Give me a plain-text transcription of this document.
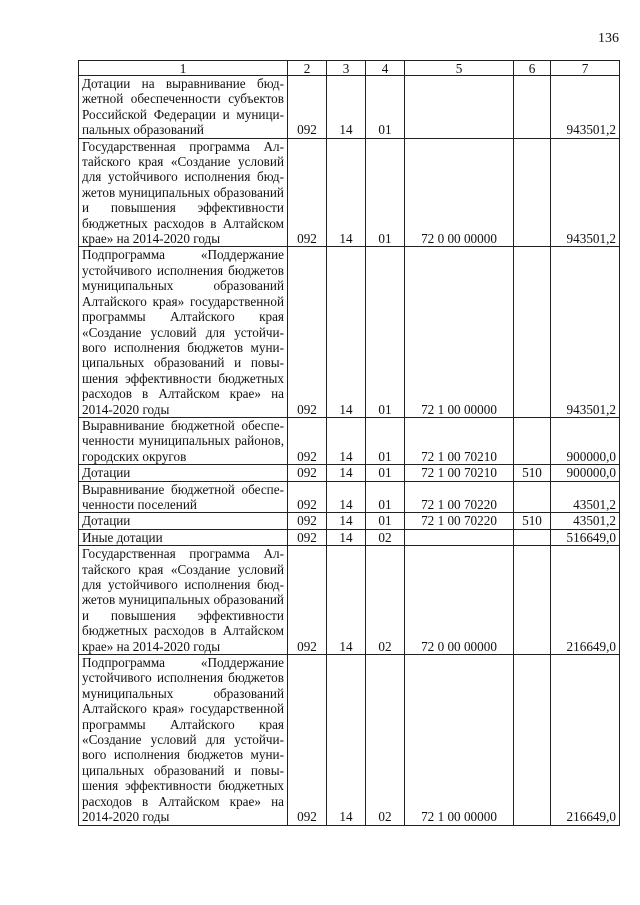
136
1	2	3	4	5	6	7
Дотации на выравнивание бюджетной обеспеченности субъектов Российской Федерации и муниципальных образований	092	14	01			943501,2
Государственная программа Алтайского края «Создание условий для устойчивого исполнения бюджетов муниципальных образований и повышения эффективности бюджетных расходов в Алтайском крае» на 2014-2020 годы	092	14	01	72 0 00 00000		943501,2
Подпрограмма «Поддержание устойчивого исполнения бюджетов муниципальных образований Алтайского края» государственной программы Алтайского края «Создание условий для устойчивого исполнения бюджетов муниципальных образований и повышения эффективности бюджетных расходов в Алтайском крае» на 2014-2020 годы	092	14	01	72 1 00 00000		943501,2
Выравнивание бюджетной обеспеченности муниципальных районов, городских округов	092	14	01	72 1 00 70210		900000,0
Дотации	092	14	01	72 1 00 70210	510	900000,0
Выравнивание бюджетной обеспеченности поселений	092	14	01	72 1 00 70220		43501,2
Дотации	092	14	01	72 1 00 70220	510	43501,2
Иные дотации	092	14	02			516649,0
Государственная программа Алтайского края «Создание условий для устойчивого исполнения бюджетов муниципальных образований и повышения эффективности бюджетных расходов в Алтайском крае» на 2014-2020 годы	092	14	02	72 0 00 00000		216649,0
Подпрограмма «Поддержание устойчивого исполнения бюджетов муниципальных образований Алтайского края» государственной программы Алтайского края «Создание условий для устойчивого исполнения бюджетов муниципальных образований и повышения эффективности бюджетных расходов в Алтайском крае» на 2014-2020 годы	092	14	02	72 1 00 00000		216649,0
